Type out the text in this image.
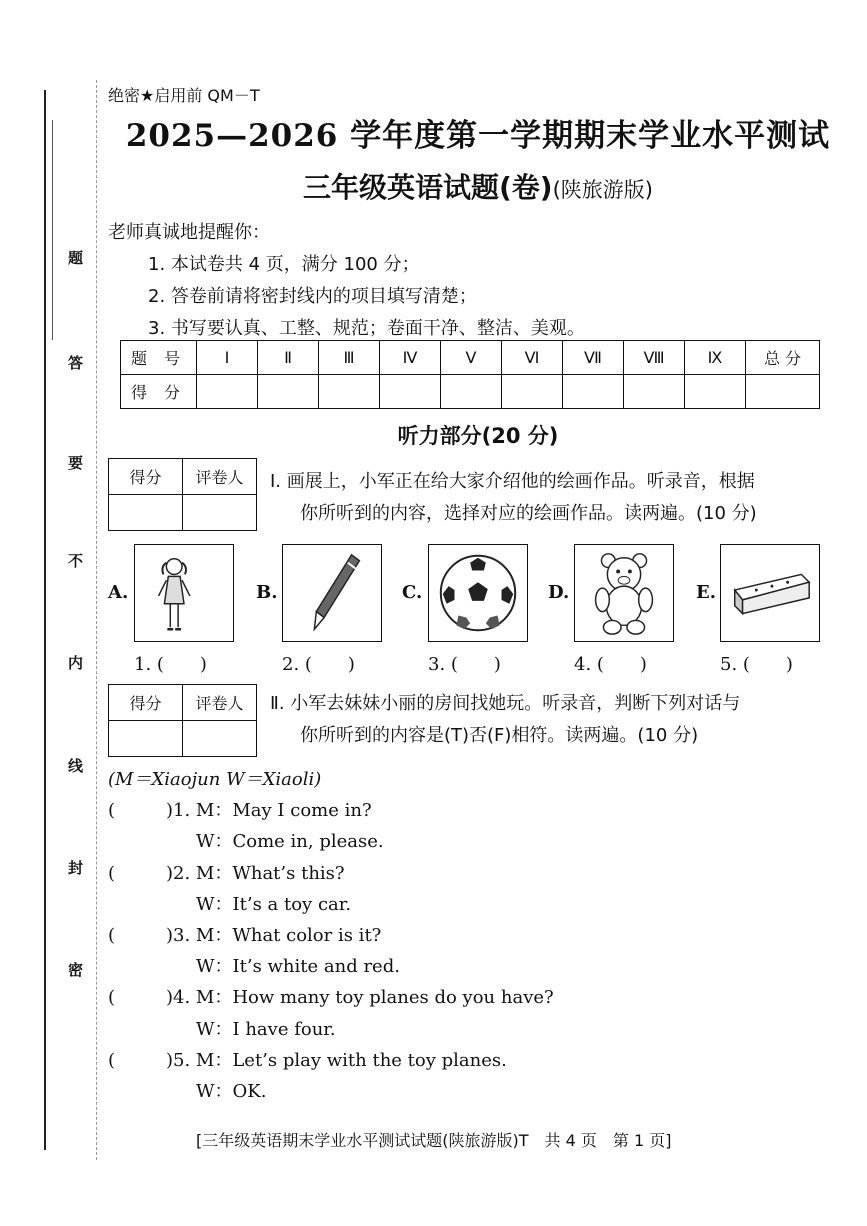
题
答
要
不
内
线
封
密
绝密★启用前 QM－T
2025—2026 学年度第一学期期末学业水平测试
三年级英语试题(卷)(陕旅游版)
老师真诚地提醒你：
1. 本试卷共 4 页，满分 100 分；
2. 答卷前请将密封线内的项目填写清楚；
3. 书写要认真、工整、规范；卷面干净、整洁、美观。
题 号	Ⅰ	Ⅱ	Ⅲ	Ⅳ	Ⅴ	Ⅵ	Ⅶ	Ⅷ	Ⅸ	总 分
得 分										
听力部分(20 分)
得分	评卷人
	Ⅰ. 画展上，小军正在给大家介绍他的绘画作品。听录音，根据
你所听到的内容，选择对应的绘画作品。读两遍。(10 分)
A.	B.	C.	D.	E.
1. (　　)	2. (　　)	3. (　　)	4. (　　)	5. (　　)
得分	评卷人
	Ⅱ. 小军去妹妹小丽的房间找她玩。听录音，判断下列对话与
你所听到的内容是(T)否(F)相符。读两遍。(10 分)
(M＝Xiaojun W＝Xiaoli)
(	)1. M：May I come in?
W：Come in, please.
(	)2. M：What’s this?
W：It’s a toy car.
(	)3. M：What color is it?
W：It’s white and red.
(	)4. M：How many toy planes do you have?
W：I have four.
(	)5. M：Let’s play with the toy planes.
W：OK.
[三年级英语期末学业水平测试试题(陕旅游版)T　共 4 页　第 1 页]
